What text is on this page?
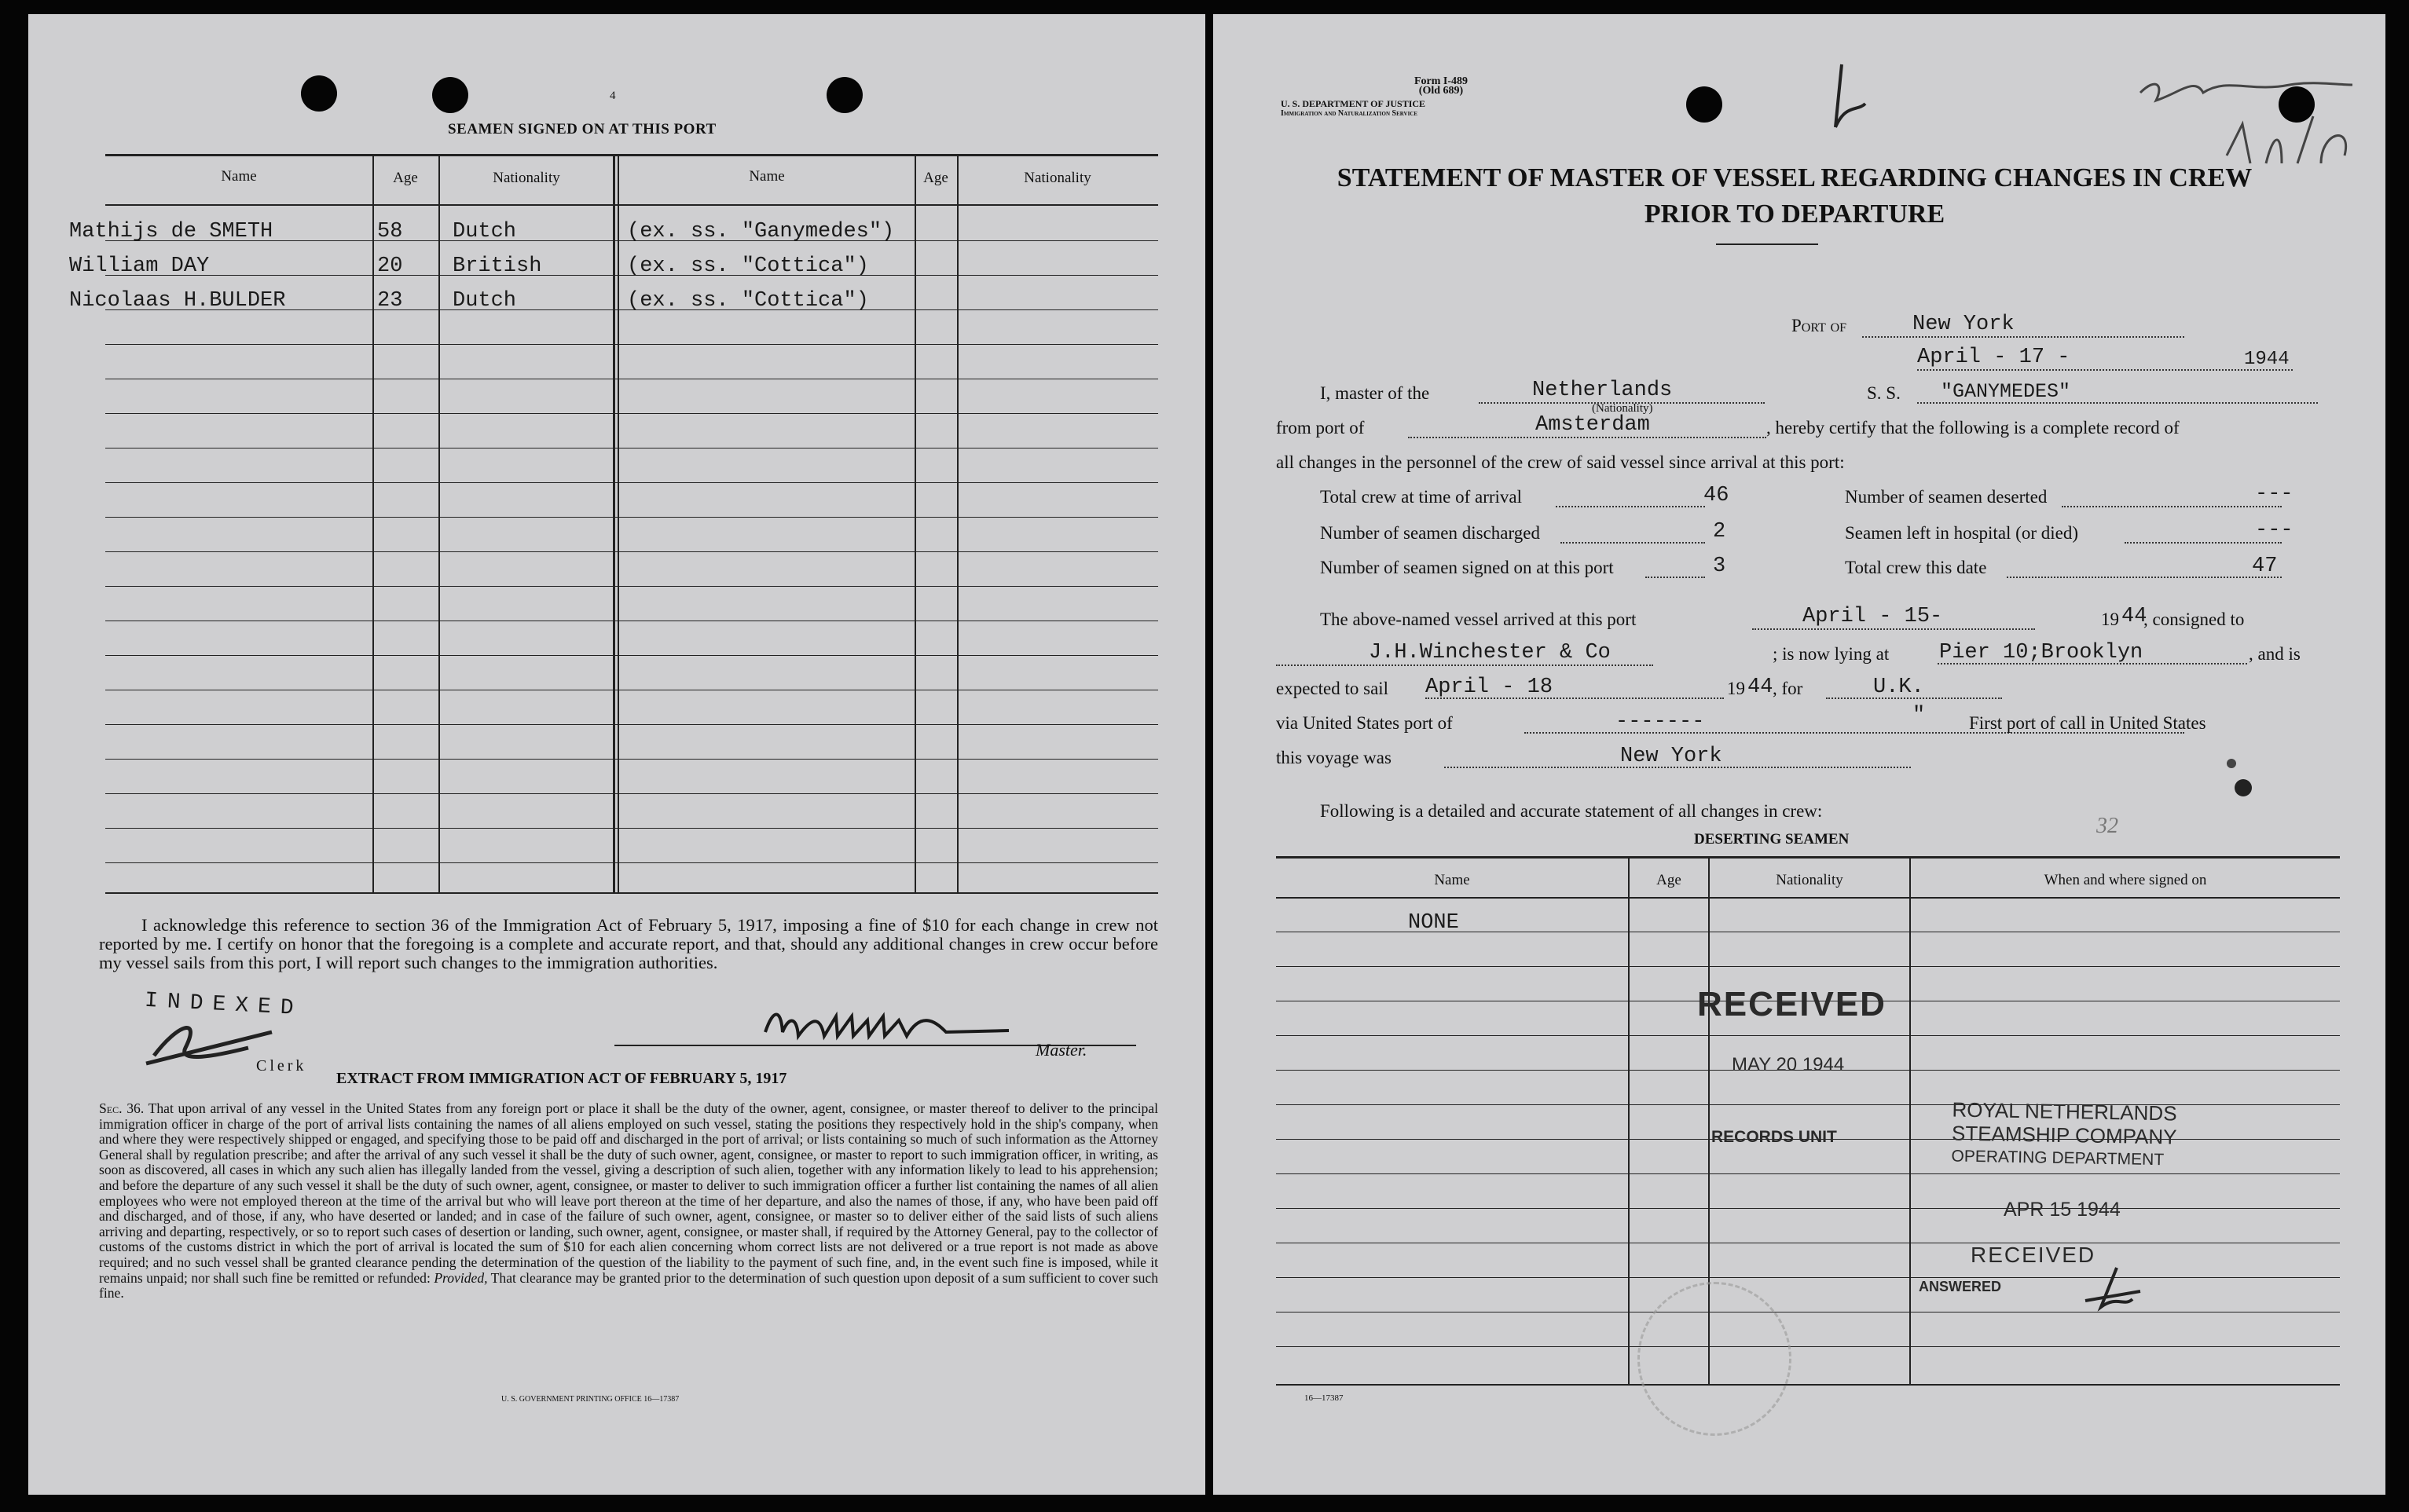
4
SEAMEN SIGNED ON AT THIS PORT
Name	Age	Nationality	Name	Age	Nationality
Mathijs de SMETH	58 Dutch	(ex. ss. "Ganymedes")
William DAY	20 British	(ex. ss. "Cottica")
Nicolaas H.BULDER	23 Dutch	(ex. ss. "Cottica")
I acknowledge this reference to section 36 of the Immigration Act of February 5, 1917, imposing a fine of $10 for each change in crew not reported by me. I certify on honor that the foregoing is a complete and accurate report, and that, should any additional changes in crew occur before my vessel sails from this port, I will report such changes to the immigration authorities.
INDEXED
Clerk
Master.
EXTRACT FROM IMMIGRATION ACT OF FEBRUARY 5, 1917
Sec. 36. That upon arrival of any vessel in the United States from any foreign port or place it shall be the duty of the owner, agent, consignee, or master thereof to deliver to the principal immigration officer in charge of the port of arrival lists containing the names of all aliens employed on such vessel, stating the positions they respectively hold in the ship's company, when and where they were respectively shipped or engaged, and specifying those to be paid off and discharged in the port of arrival; or lists containing so much of such information as the Attorney General shall by regulation prescribe; and after the arrival of any such vessel it shall be the duty of such owner, agent, consignee, or master to report to such immigration officer, in writing, as soon as discovered, all cases in which any such alien has illegally landed from the vessel, giving a description of such alien, together with any information likely to lead to his apprehension; and before the departure of any such vessel it shall be the duty of such owner, agent, consignee, or master to deliver to such immigration officer a further list containing the names of all alien employees who were not employed thereon at the time of the arrival but who will leave port thereon at the time of her departure, and also the names of those, if any, who have been paid off and discharged, and of those, if any, who have deserted or landed; and in case of the failure of such owner, agent, consignee, or master so to deliver either of the said lists of such aliens arriving and departing, respectively, or so to report such cases of desertion or landing, such owner, agent, consignee, or master shall, if required by the Attorney General, pay to the collector of customs of the customs district in which the port of arrival is located the sum of $10 for each alien concerning whom correct lists are not delivered or a true report is not made as above required; and no such vessel shall be granted clearance pending the determination of the question of the liability to the payment of such fine, and, in the event such fine is imposed, while it remains unpaid; nor shall such fine be remitted or refunded: Provided, That clearance may be granted prior to the determination of such question upon deposit of a sum sufficient to cover such fine.
U. S. GOVERNMENT PRINTING OFFICE 16—17387
Form I-489
(Old 689)
U. S. DEPARTMENT OF JUSTICE
Immigration and Naturalization Service
STATEMENT OF MASTER OF VESSEL REGARDING CHANGES IN CREW
PRIOR TO DEPARTURE
Port of	New York
April - 17 -	1944
I, master of the	Netherlands
(Nationality)
S. S. "GANYMEDES"
from port of	Amsterdam	, hereby certify that the following is a complete record of
all changes in the personnel of the crew of said vessel since arrival at this port:
Total crew at time of arrival	46
Number of seamen discharged	2
Number of seamen signed on at this port	3
Number of seamen deserted	---
Seamen left in hospital (or died)	---
Total crew this date	47
The above-named vessel arrived at this port	April - 15-	19 44
, consigned to
J.H.Winchester & Co	; is now lying at Pier 10;Brooklyn	, and is
expected to sail April - 18	19 44 , for	U.K.
via United States port of	-------	" First port of call in United States
this voyage was	New York
Following is a detailed and accurate statement of all changes in crew:
32
DESERTING SEAMEN
Name	Age	Nationality	When and where signed on
NONE
RECEIVED
MAY 20 1944
RECORDS UNIT
ROYAL NETHERLANDS
STEAMSHIP COMPANY
OPERATING DEPARTMENT
APR 15 1944
RECEIVED
ANSWERED
16—17387
